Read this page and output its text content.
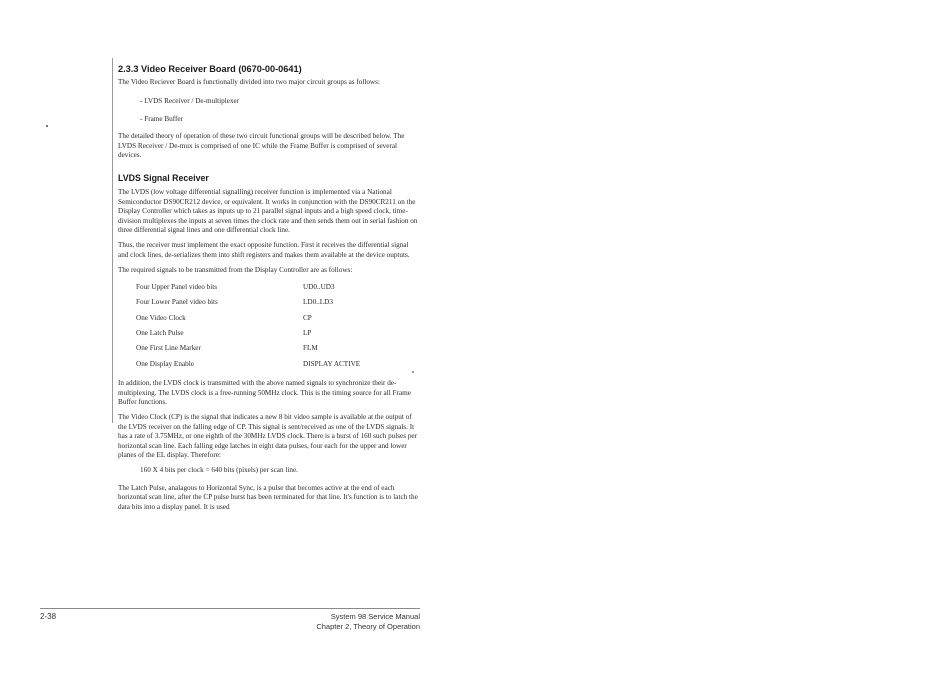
2.3.3 Video Receiver Board (0670-00-0641)

The Video Reciever Board is functionally divided into two major circuit groups as follows:

- LVDS Receiver / De-multiplexer
- Frame Buffer

The detailed theory of operation of these two circuit functional groups will be described below. The LVDS Receiver / De-mux is comprised of one IC while the Frame Buffer is comprised of several devices.

LVDS Signal Receiver

The LVDS (low voltage differential signalling) receiver function is implemented via a National Semiconductor DS90CR212 device, or equivalent. It works in conjunction with the DS90CR211 on the Display Controller which takes as inputs up to 21 parallel signal inputs and a high speed clock, time-division multiplexes the inputs at seven times the clock rate and then sends them out in serial fashion on three differential signal lines and one differential clock line.

Thus, the receiver must implement the exact opposite function. First it receives the differential signal and clock lines, de-serializes them into shift registers and makes them available at the device ouptuts.

The required signals to be transmitted from the Display Controller are as follows:

Four Upper Panel video bits	UD0..UD3
Four Lower Panel video bits	LD0..LD3
One Video Clock	CP
One Latch Pulse	LP
One First Line Marker	FLM
One Display Enable	DISPLAY ACTIVE

In addition, the LVDS clock is transmitted with the above named signals to synchronize their de-multiplexing. The LVDS clock is a free-running 50MHz clock. This is the timing source for all Frame Buffer functions.

The Video Clock (CP) is the signal that indicates a new 8 bit video sample is available at the output of the LVDS receiver on the falling edge of CP. This signal is sent/received as one of the LVDS signals. It has a rate of 3.75MHz, or one eighth of the 30MHz LVDS clock. There is a burst of 160 such pulses per horizontal scan line. Each falling edge latches in eight data pulses, four each for the upper and lower planes of the EL display. Therefore:

160 X 4 bits per clock = 640 bits (pixels) per scan line.

The Latch Pulse, analagous to Horizontal Sync, is a pulse that becomes active at the end of each horizontal scan line, after the CP pulse burst has been terminated for that line. It's function is to latch the data bits into a display panel. It is used

2-38	System 98 Service Manual
Chapter 2, Theory of Operation
